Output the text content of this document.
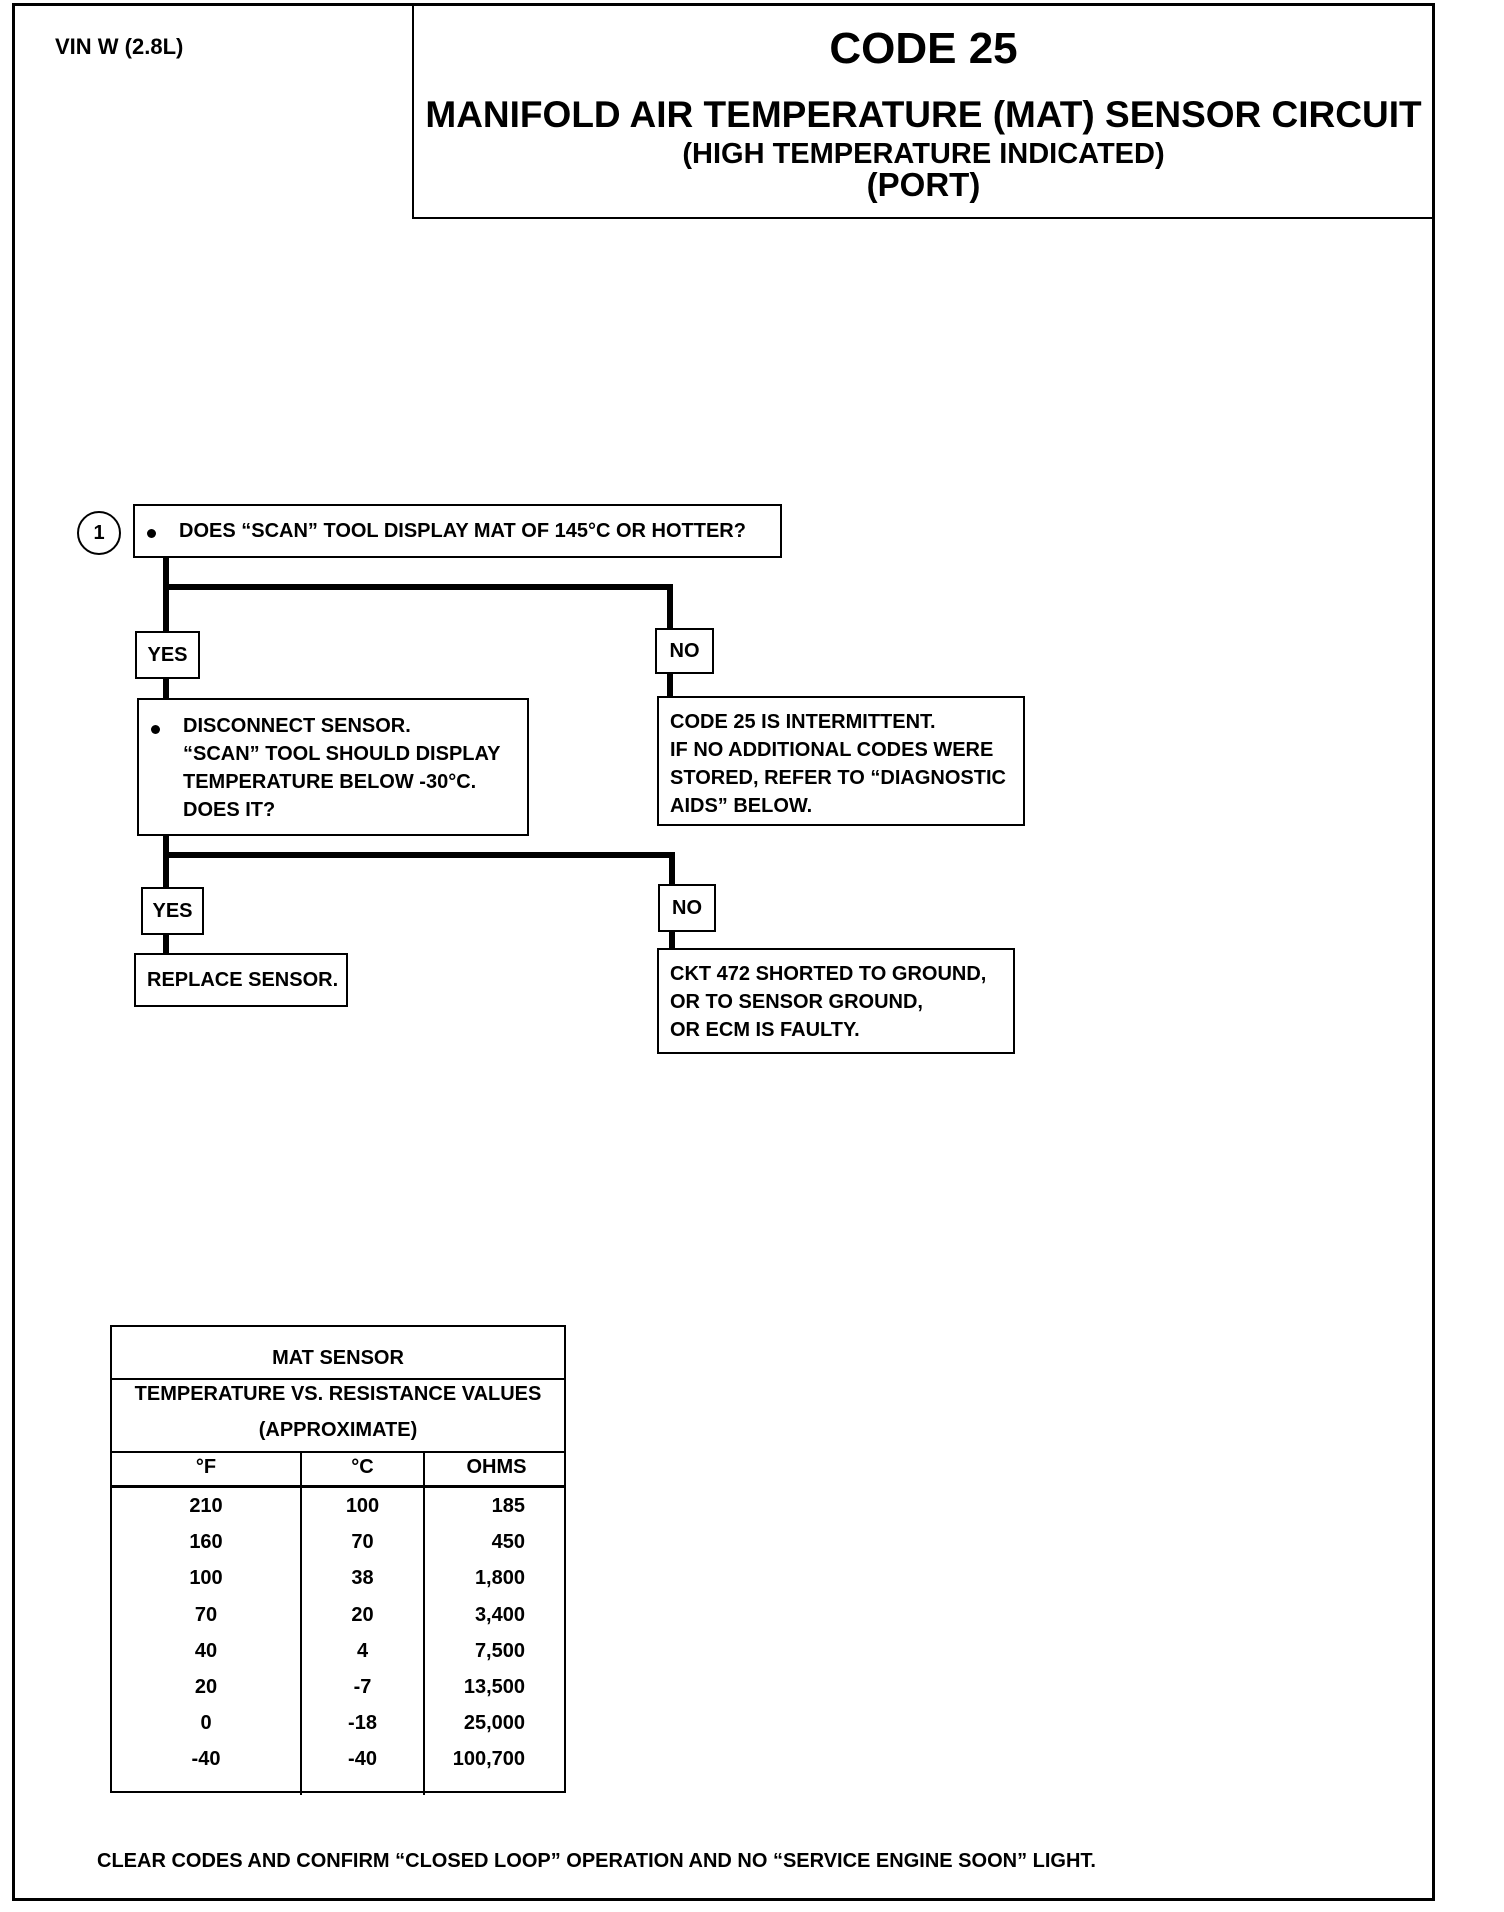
VIN W (2.8L)	CODE 25
MANIFOLD AIR TEMPERATURE (MAT) SENSOR CIRCUIT
(HIGH TEMPERATURE INDICATED)
(PORT)
1	DOES “SCAN” TOOL DISPLAY MAT OF 145°C OR HOTTER?
YES	NO
YES	NO
DISCONNECT SENSOR.
“SCAN” TOOL SHOULD DISPLAY
TEMPERATURE BELOW -30°C.
DOES IT?
CODE 25 IS INTERMITTENT.
IF NO ADDITIONAL CODES WERE
STORED, REFER TO “DIAGNOSTIC
AIDS” BELOW.
REPLACE SENSOR.	CKT 472 SHORTED TO GROUND,
OR TO SENSOR GROUND,
OR ECM IS FAULTY.
MAT SENSOR
TEMPERATURE VS. RESISTANCE VALUES
(APPROXIMATE)
°F	°C	OHMS
210	100	185
160	70	450
100	38	1,800
70	20	3,400
40	4	7,500
20	-7	13,500
0	-18	25,000
-40	-40	100,700
CLEAR CODES AND CONFIRM “CLOSED LOOP” OPERATION AND NO “SERVICE ENGINE SOON” LIGHT.
